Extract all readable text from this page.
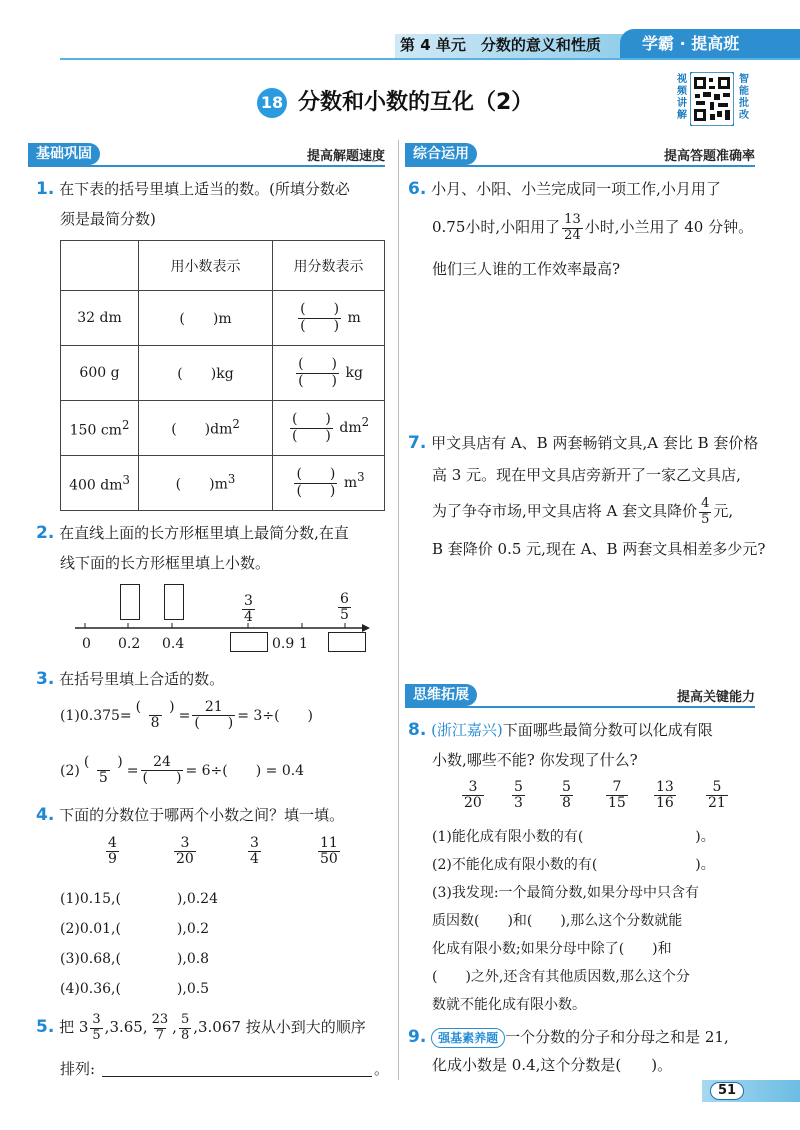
第 4 单元　分数的意义和性质	学霸 · 提高班
18 分数和小数的互化（2）
视频讲解
智能批改
基础巩固	提高解题速度
1. 在下表的括号里填上适当的数。(所填分数必
须是最简分数)
	用小数表示	用分数表示
32 dm	(　　)m	$\frac{( )}{( )}$ m
600 g	(　　)kg	$\frac{( )}{( )}$ kg
150 $cm^2$	(　　)$dm^2$	$\frac{( )}{( )} dm^2$
400 $dm^3$	(　　)$m^3$	$\frac{( )}{( )} m^3$
2. 在直线上面的长方形框里填上最简分数,在直
线下面的长方形框里填上小数。
$\frac{3}{4}$	$\frac{6}{5}$
0 0.2 0.4	0.9 1
3. 在括号里填上合适的数。
$(1)0.375= \frac{( )}{8} = \frac{21}{( )} = 3\div$(　　)
$(2) \frac{( )}{5} = \frac{24}{( )} = 6\div$(　　) = 0.4
4. 下面的分数位于哪两个小数之间？填一填。
$\frac{4}{9}$	$\frac{3}{20}$	$\frac{3}{4}$	$\frac{11}{50}$
(1)0.15,(　　　　),0.24
(2)0.01,(　　　　),0.2
(3)0.68,(　　　　),0.8
(4)0.36,(　　　　),0.5
5. 把 $3 \frac{3}{5} ,3.65$, $\frac{23}{7}$ , $\frac{5}{8} ,3.067$ 按从小到大的顺序
排列:	。
综合运用	提高答题准确率
6. 小月、小阳、小兰完成同一项工作,小月用了
0.75小时,小阳用了 $\frac{13}{24}$ 小时,小兰用了 40 分钟。
他们三人谁的工作效率最高?
7. 甲文具店有 A、B 两套畅销文具,A 套比 B 套价格
高 3 元。现在甲文具店旁新开了一家乙文具店,
为了争夺市场,甲文具店将 A 套文具降价 $\frac{4}{5}$ 元,
B 套降价 0.5 元,现在 A、B 两套文具相差多少元?
思维拓展	提高关键能力
8. (浙江嘉兴)下面哪些最简分数可以化成有限
小数,哪些不能? 你发现了什么?
$\frac{3}{20} \frac{5}{3}$	$\frac{5}{8} \frac{7}{15} \frac{13}{16} \frac{5}{21}$
(1)能化成有限小数的有(　　　　　　　　)。
(2)不能化成有限小数的有(　　　　　　　)。
(3)我发现:一个最简分数,如果分母中只含有
质因数(　　)和(　　),那么这个分数就能
化成有限小数;如果分母中除了(　　)和
(　　)之外,还含有其他质因数,那么这个分
数就不能化成有限小数。
9. 强基素养题 一个分数的分子和分母之和是 21,
化成小数是 0.4,这个分数是(　　)。
51
